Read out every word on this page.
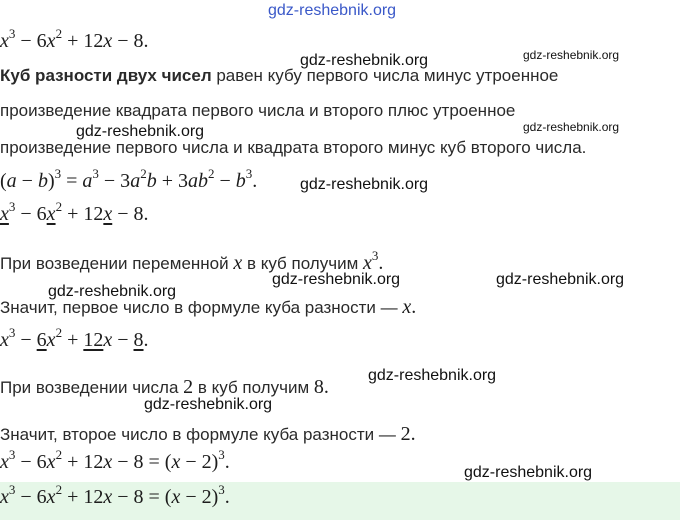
gdz-reshebnik.org
$x^3 - 6x^2 + 12x - 8$.
Куб разности двух чисел равен кубу первого числа минус утроенное
произведение квадрата первого числа и второго плюс утроенное
произведение первого числа и квадрата второго минус куб второго числа.
$(a - b)^3 = a^3 - 3a^2b + 3ab^2 - b^3$.
$x^3 - 6x^2 + 12x - 8$.
При возведении переменной x в куб получим $x^3$.
Значит, первое число в формуле куба разности — x.
$x^3 - 6x^2 + 12x - 8$.
При возведении числа 2 в куб получим 8.
Значит, второе число в формуле куба разности — 2.
$x^3 - 6x^2 + 12x - 8 = (x - 2)^3$.
$x^3 - 6x^2 + 12x - 8 = (x - 2)^3$.
gdz-reshebnik.org	gdz-reshebnik.org
gdz-reshebnik.org
gdz-reshebnik.org
gdz-reshebnik.org
gdz-reshebnik.org	gdz-reshebnik.org
gdz-reshebnik.org
gdz-reshebnik.org
gdz-reshebnik.org
gdz-reshebnik.org
